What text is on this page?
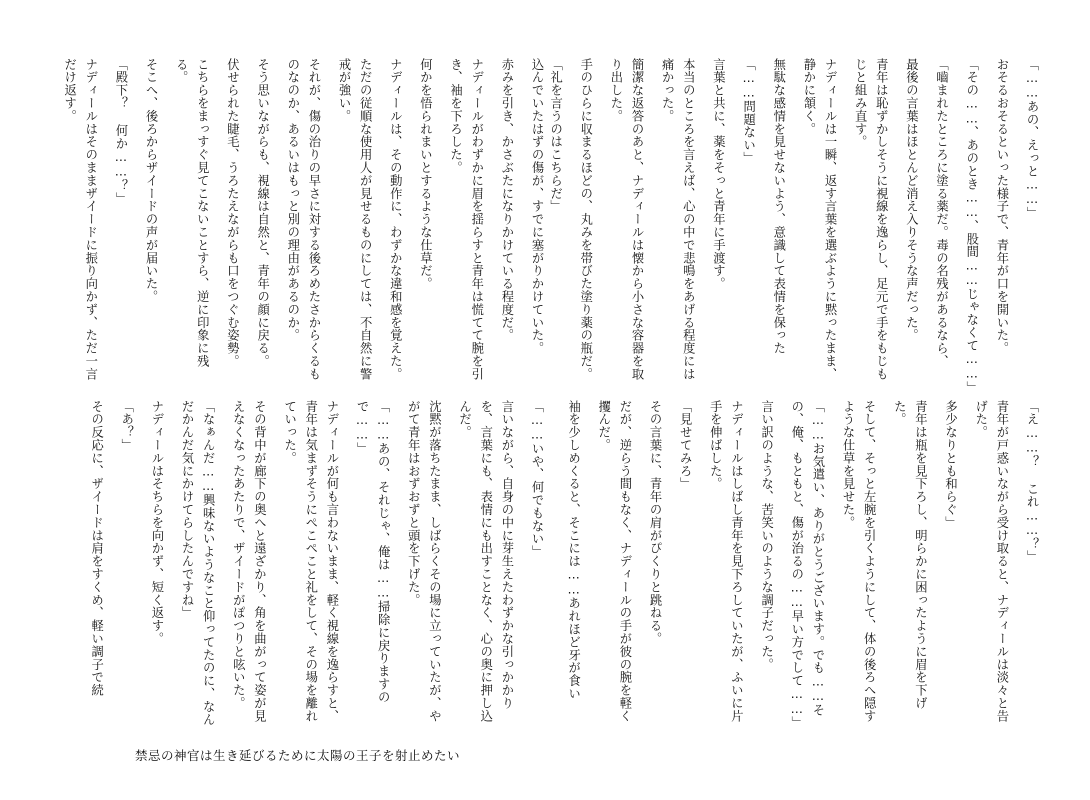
「……あの、えっと……」
おそるおそるといった様子で、青年が口を開いた。
「その……、あのとき……、股間……じゃなくて……」
「嚙まれたところに塗る薬だ。毒の名残があるなら、
最後の言葉はほとんど消え入りそうな声だった。
青年は恥ずかしそうに視線を逸らし、足元で手をもじもじと組み直す。
ナディールは一瞬、返す言葉を選ぶように黙ったまま、静かに頷く。
無駄な感情を見せないよう、意識して表情を保った
「……問題ない」
言葉と共に、薬をそっと青年に手渡す。
本当のところを言えば、心の中で悲鳴をあげる程度には痛かった。
簡潔な返答のあと、ナディールは懐から小さな容器を取り出した。
手のひらに収まるほどの、丸みを帯びた塗り薬の瓶だ。
「礼を言うのはこちらだ」
「え……？ これ……？」
青年が戸惑いながら受け取ると、ナディールは淡々と告げた。
多少なりとも和らぐ」
青年は瓶を見下ろし、明らかに困ったように眉を下げた。
そして、そっと左腕を引くようにして、体の後ろへ隠すような仕草を見せた。
「……お気遣い、ありがとうございます。でも……その、俺、もともと、傷が治るの……早い方でして……」
言い訳のような、苦笑いのような調子だった。
ナディールはしばし青年を見下ろしていたが、ふいに片手を伸ばした。
「見せてみろ」
その言葉に、青年の肩がぴくりと跳ねる。
だが、逆らう間もなく、ナディールの手が彼の腕を軽く攫んだ。
袖を少しめくると、そこには……あれほど牙が食い
込んでいたはずの傷が、すでに塞がりかけていた。
赤みを引き、かさぶたになりかけている程度だ。
ナディールがわずかに眉を揺らすと青年は慌てて腕を引き、袖を下ろした。
何かを悟られまいとするような仕草だ。
ナディールは、その動作に、わずかな違和感を覚えた。
ただの従順な使用人が見せるものにしては、不自然に警戒が強い。
それが、傷の治りの早さに対する後ろめたさからくるものなのか、あるいはもっと別の理由があるのか。
そう思いながらも、視線は自然と、青年の顔に戻る。
伏せられた睫毛、うろたえながらも口をつぐむ姿勢。
こちらをまっすぐ見てこないことすら、逆に印象に残る。
そこへ、後ろからザイードの声が届いた。
「殿下？ 何か……？」
ナディールはそのままザイードに振り向かず、ただ一言だけ返す。
「……いや、何でもない」
言いながら、自身の中に芽生えたわずかな引っかかりを、言葉にも、表情にも出すことなく、心の奥に押し込んだ。
沈黙が落ちたまま、しばらくその場に立っていたが、やがて青年はおずおずと頭を下げた。
「……あの、それじゃ、俺は……掃除に戻りますので……」
ナディールが何も言わないまま、軽く視線を逸らすと、青年は気まずそうにぺこぺこと礼をして、その場を離れていった。
その背中が廊下の奥へと遠ざかり、角を曲がって姿が見えなくなったあたりで、ザイードがぽつりと呟いた。
「なぁんだ……興味ないようなこと仰ってたのに、なんだかんだ気にかけてらしたんですね」
ナディールはそちらを向かず、短く返す。
「あ？」
その反応に、ザイードは肩をすくめ、軽い調子で続
禁忌の神官は生き延びるために太陽の王子を射止めたい
